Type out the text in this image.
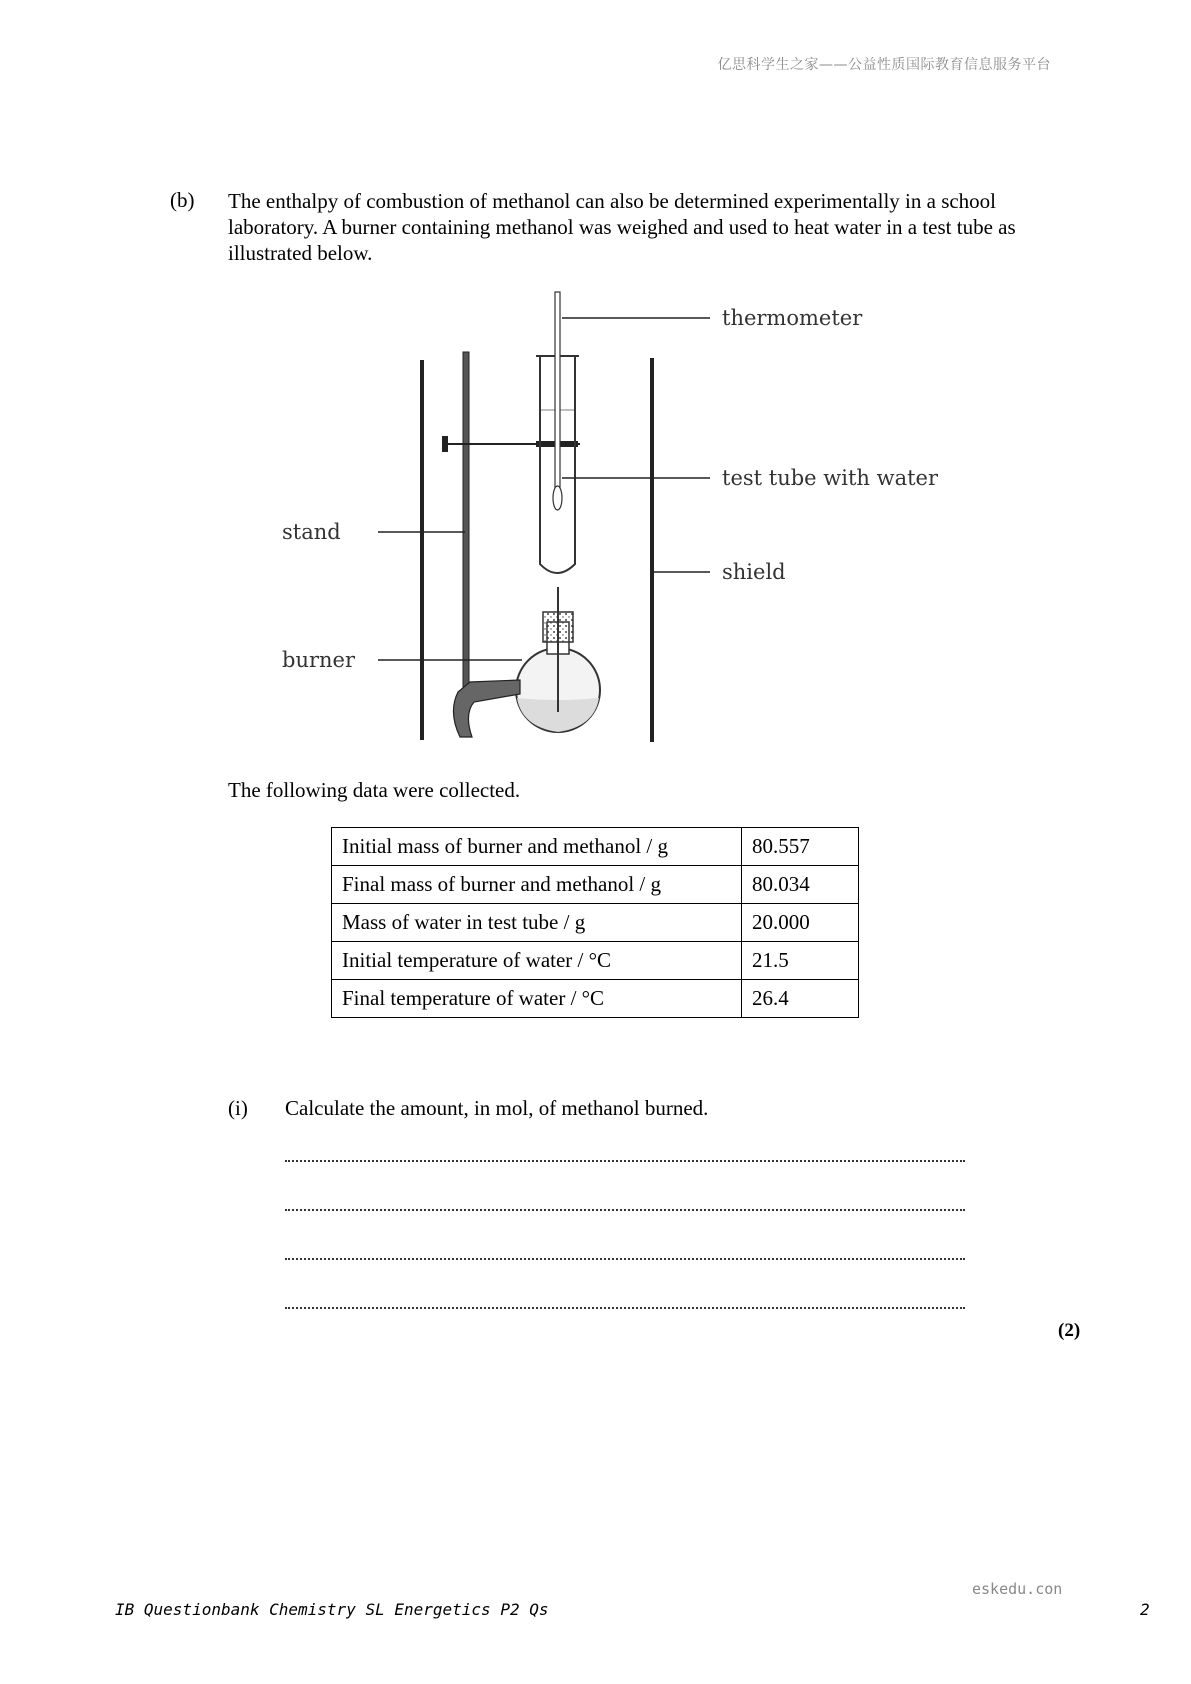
亿思科学生之家——公益性质国际教育信息服务平台
(b) The enthalpy of combustion of methanol can also be determined experimentally in a school laboratory. A burner containing methanol was weighed and used to heat water in a test tube as illustrated below.
thermometer
test tube with water
stand
shield
burner
The following data were collected.
Initial mass of burner and methanol / g	80.557
Final mass of burner and methanol / g	80.034
Mass of water in test tube / g	20.000
Initial temperature of water / °C	21.5
Final temperature of water / °C	26.4
(i) Calculate the amount, in mol, of methanol burned.
(2)
eskedu.con
IB Questionbank Chemistry SL Energetics P2 Qs	2
